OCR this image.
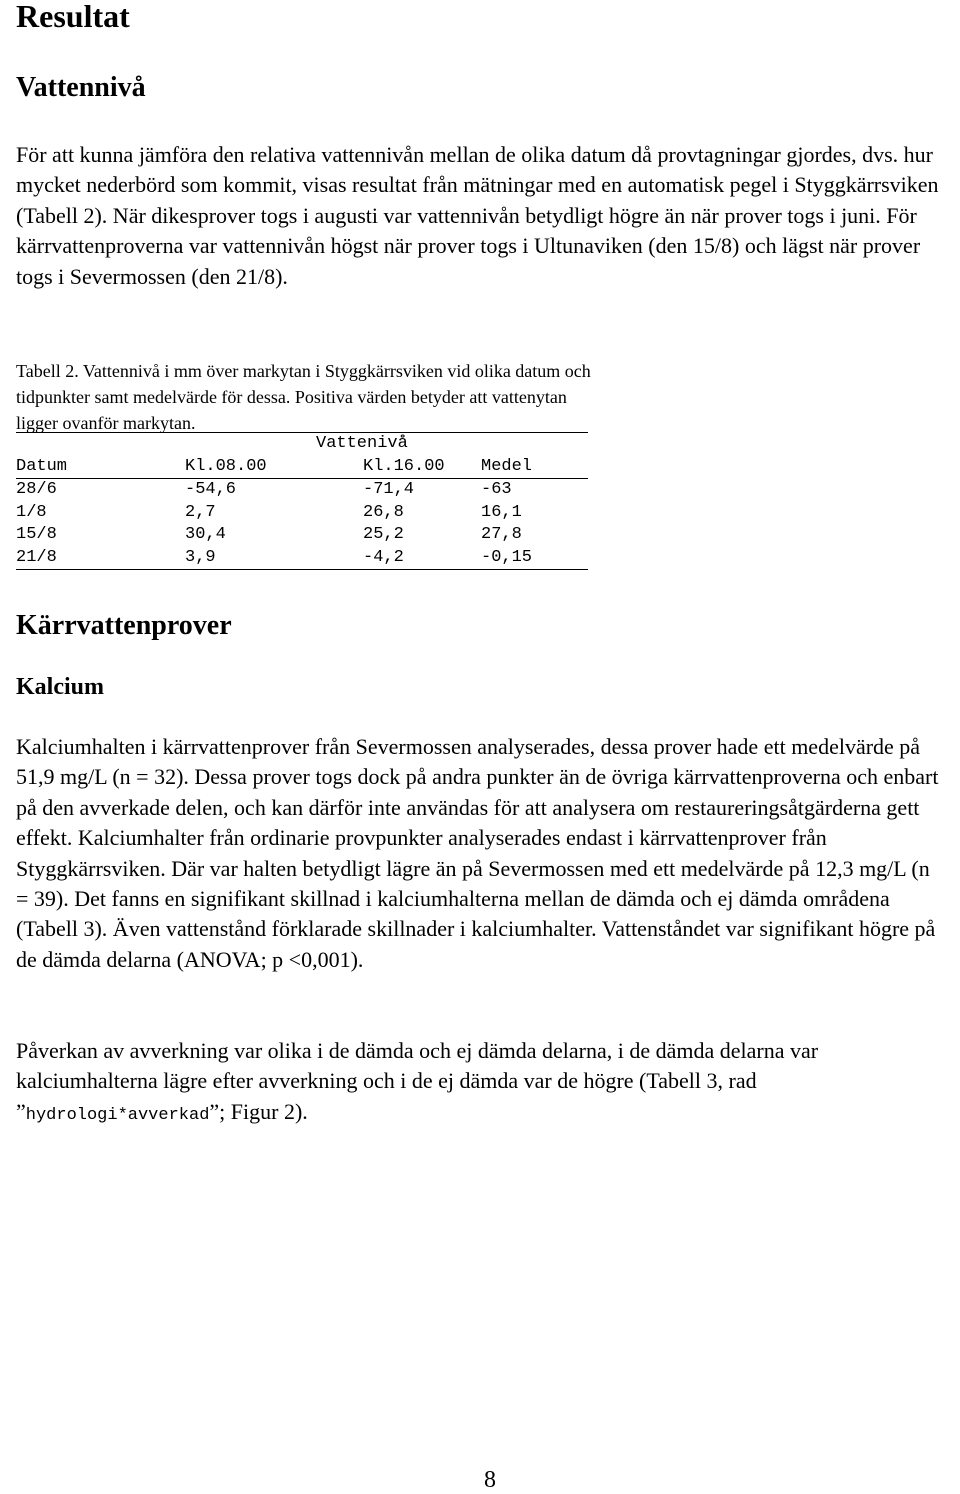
Resultat
Vattennivå

För att kunna jämföra den relativa vattennivån mellan de olika datum då provtagningar gjordes, dvs. hur mycket nederbörd som kommit, visas resultat från mätningar med en automatisk pegel i Styggkärrsviken (Tabell 2). När dikesprover togs i augusti var vattennivån betydligt högre än när prover togs i juni. För kärrvattenproverna var vattennivån högst när prover togs i Ultunaviken (den 15/8) och lägst när prover togs i Severmossen (den 21/8).

Tabell 2. Vattennivå i mm över markytan i Styggkärrsviken vid olika datum och tidpunkter samt medelvärde för dessa. Positiva värden betyder att vattenytan ligger ovanför markytan.

Vattenivå
Datum	Kl.08.00	Kl.16.00 Medel
28/6	-54,6	-71,4	-63
1/8	2,7	26,8	16,1
15/8	30,4	25,2	27,8
21/8	3,9	-4,2	-0,15
Kärrvattenprover
Kalcium

Kalciumhalten i kärrvattenprover från Severmossen analyserades, dessa prover hade ett medelvärde på 51,9 mg/L (n = 32). Dessa prover togs dock på andra punkter än de övriga kärrvattenproverna och enbart på den avverkade delen, och kan därför inte användas för att analysera om restaureringsåtgärderna gett effekt. Kalciumhalter från ordinarie provpunkter analyserades endast i kärrvattenprover från Styggkärrsviken. Där var halten betydligt lägre än på Severmossen med ett medelvärde på 12,3 mg/L (n = 39). Det fanns en signifikant skillnad i kalciumhalterna mellan de dämda och ej dämda områdena (Tabell 3). Även vattenstånd förklarade skillnader i kalciumhalter. Vattenståndet var signifikant högre på de dämda delarna (ANOVA; p <0,001).

Påverkan av avverkning var olika i de dämda och ej dämda delarna, i de dämda delarna var kalciumhalterna lägre efter avverkning och i de ej dämda var de högre (Tabell 3, rad ”hydrologi*avverkad”; Figur 2).

8
